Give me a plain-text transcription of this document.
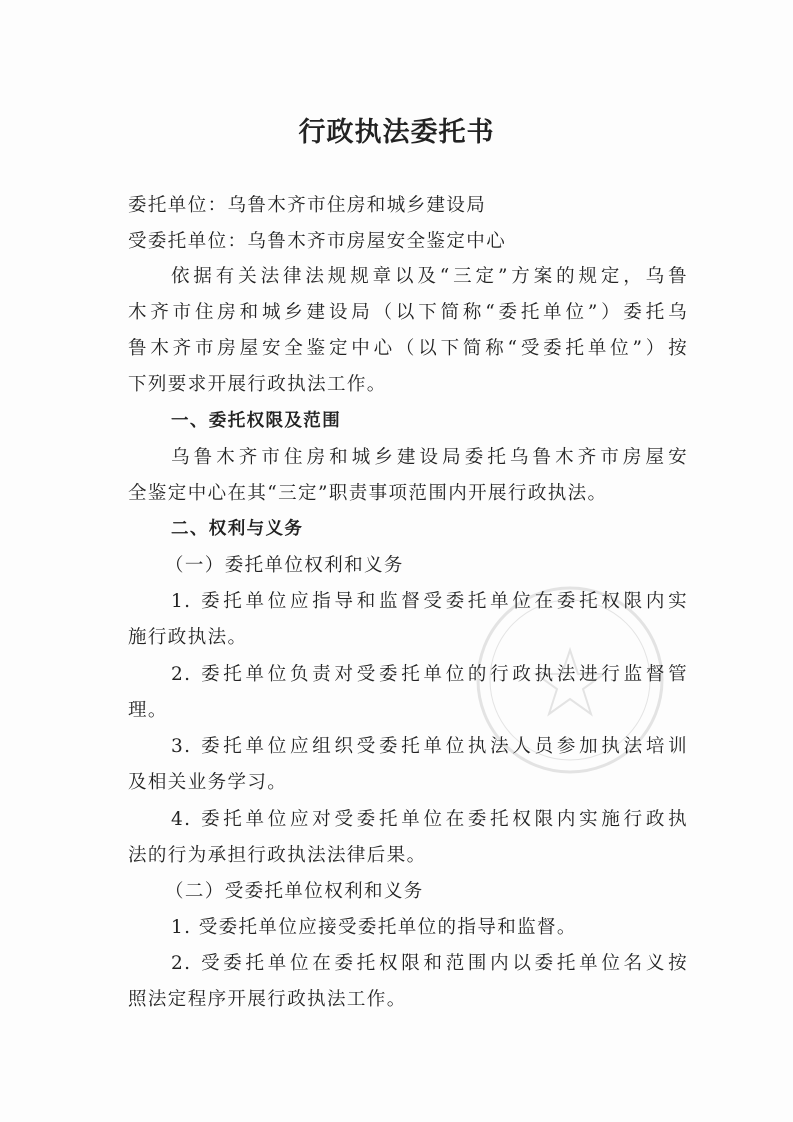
行政执法委托书
委托单位：乌鲁木齐市住房和城乡建设局
受委托单位：乌鲁木齐市房屋安全鉴定中心
依据有关法律法规规章以及“三定”方案的规定，乌鲁
木齐市住房和城乡建设局（以下简称“委托单位”）委托乌
鲁木齐市房屋安全鉴定中心（以下简称“受委托单位”）按
下列要求开展行政执法工作。
一、委托权限及范围
乌鲁木齐市住房和城乡建设局委托乌鲁木齐市房屋安
全鉴定中心在其“三定”职责事项范围内开展行政执法。
二、权利与义务
（一）委托单位权利和义务
1. 委托单位应指导和监督受委托单位在委托权限内实
施行政执法。
2. 委托单位负责对受委托单位的行政执法进行监督管
理。
3. 委托单位应组织受委托单位执法人员参加执法培训
及相关业务学习。
4. 委托单位应对受委托单位在委托权限内实施行政执
法的行为承担行政执法法律后果。
（二）受委托单位权利和义务
1. 受委托单位应接受委托单位的指导和监督。
2. 受委托单位在委托权限和范围内以委托单位名义按
照法定程序开展行政执法工作。
